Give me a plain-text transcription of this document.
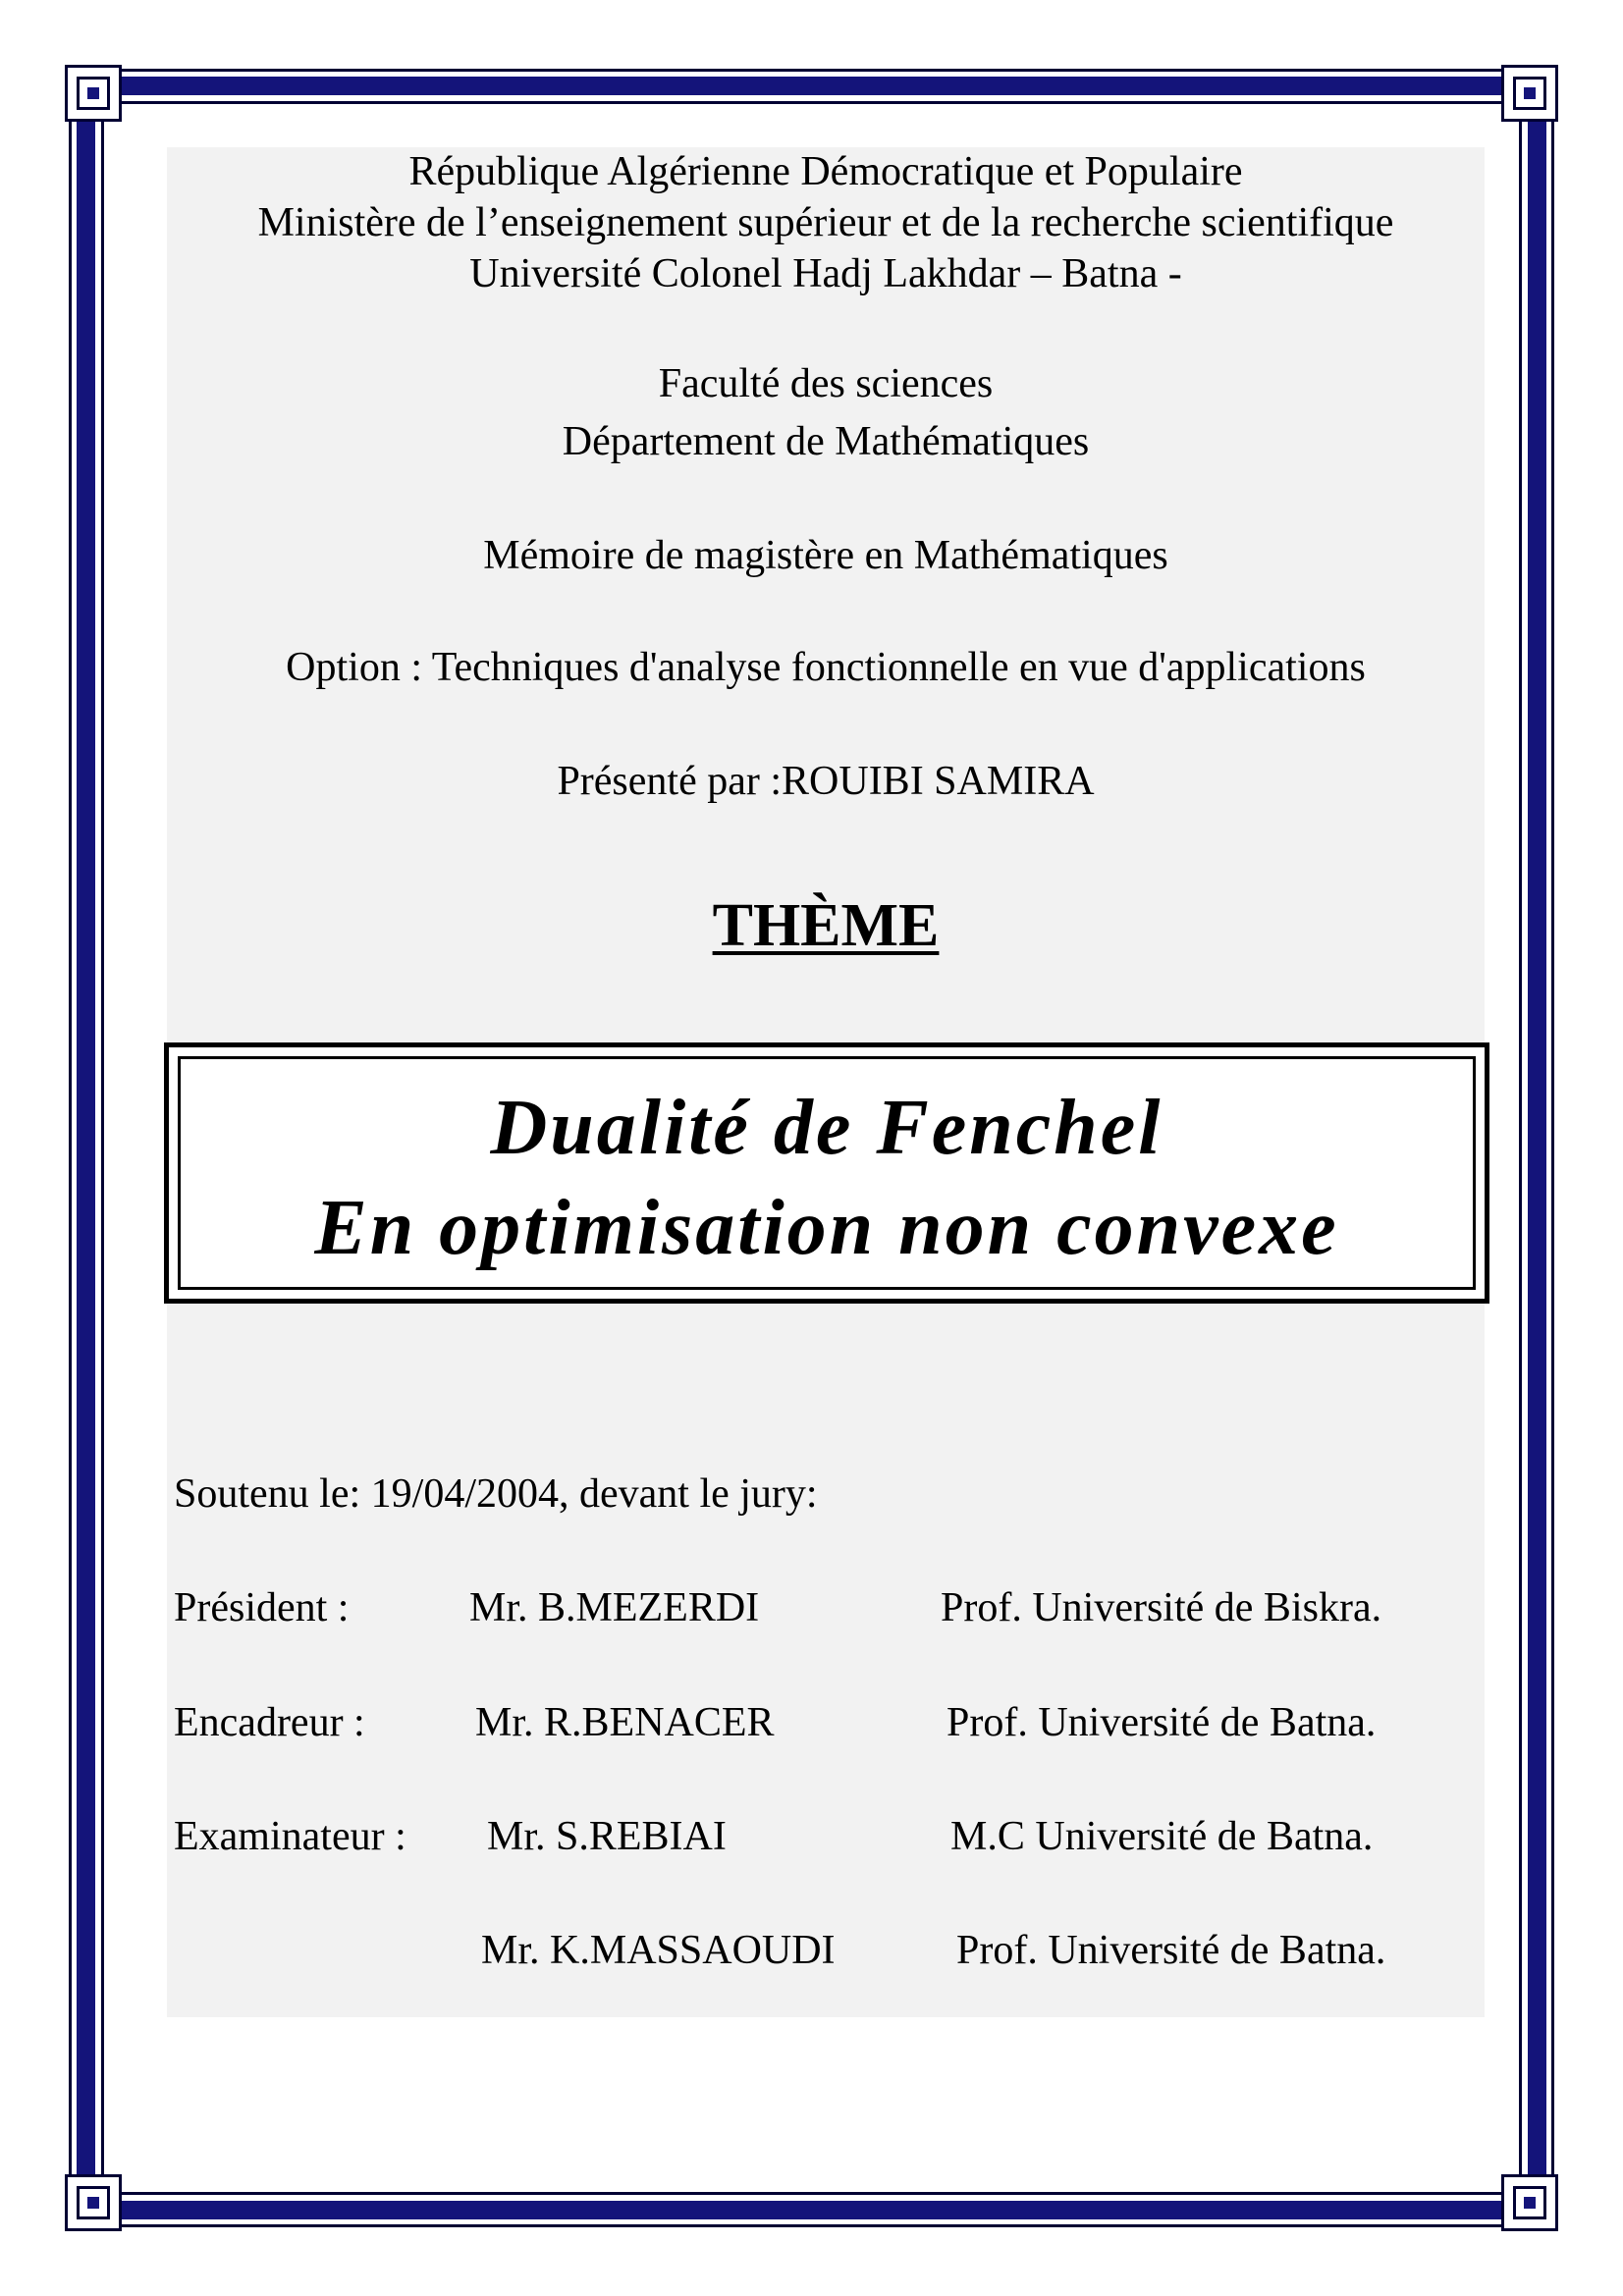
République Algérienne Démocratique et Populaire
Ministère de l’enseignement supérieur et de la recherche scientifique
Université Colonel Hadj Lakhdar – Batna -
Faculté des sciences
Département de Mathématiques
Mémoire de magistère en Mathématiques
Option : Techniques d'analyse fonctionnelle en vue d'applications
Présenté par :ROUIBI SAMIRA
THÈME
Soutenu le: 19/04/2004, devant le jury:
Président :	Mr. B.MEZERDI	Prof. Université de Biskra.
Encadreur :	Mr. R.BENACER	Prof. Université de Batna.
Examinateur : Mr. S.REBIAI	M.C Université de Batna.
Mr. K.MASSAOUDI	Prof. Université de Batna.
Dualité de Fenchel
En optimisation non convexe
